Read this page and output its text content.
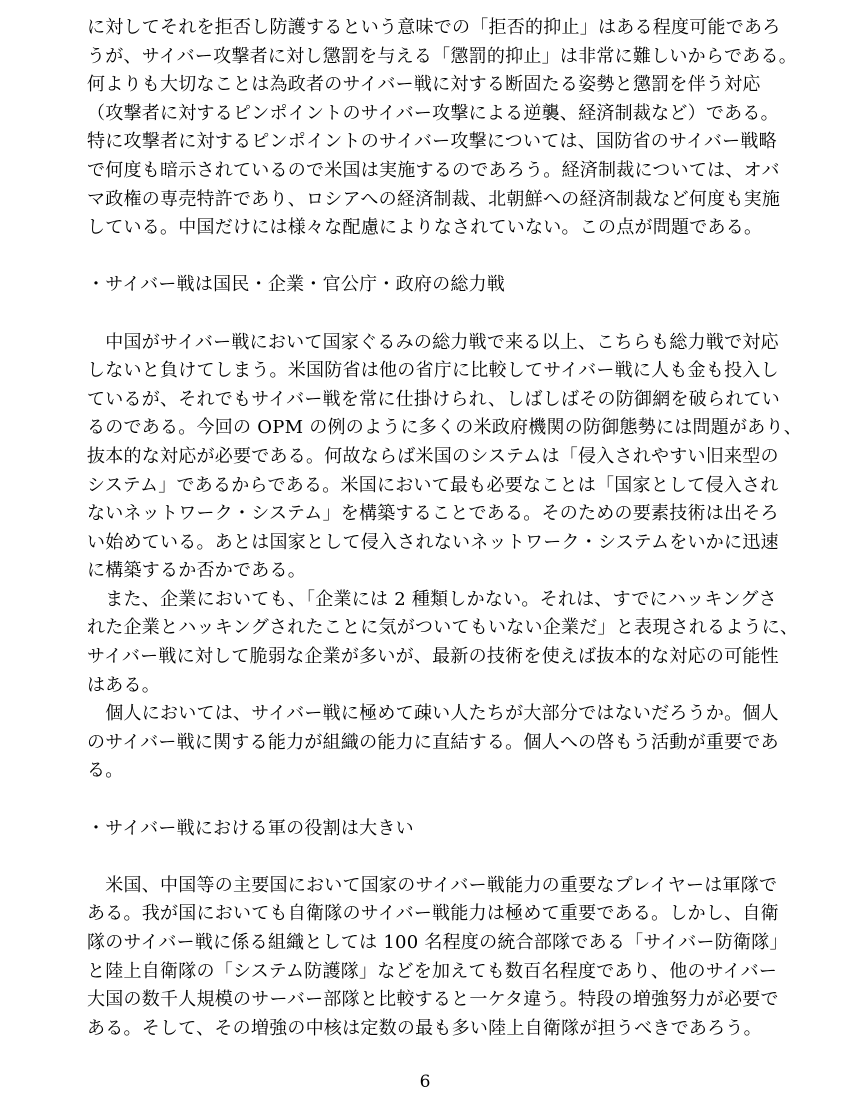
に対してそれを拒否し防護するという意味での「拒否的抑止」はある程度可能であろ
うが、サイバー攻撃者に対し懲罰を与える「懲罰的抑止」は非常に難しいからである。
何よりも大切なことは為政者のサイバー戦に対する断固たる姿勢と懲罰を伴う対応
（攻撃者に対するピンポイントのサイバー攻撃による逆襲、経済制裁など）である。
特に攻撃者に対するピンポイントのサイバー攻撃については、国防省のサイバー戦略
で何度も暗示されているので米国は実施するのであろう。経済制裁については、オバ
マ政権の専売特許であり、ロシアへの経済制裁、北朝鮮への経済制裁など何度も実施
している。中国だけには様々な配慮によりなされていない。この点が問題である。
・サイバー戦は国民・企業・官公庁・政府の総力戦
　中国がサイバー戦において国家ぐるみの総力戦で来る以上、こちらも総力戦で対応
しないと負けてしまう。米国防省は他の省庁に比較してサイバー戦に人も金も投入し
ているが、それでもサイバー戦を常に仕掛けられ、しばしばその防御網を破られてい
るのである。今回の OPM の例のように多くの米政府機関の防御態勢には問題があり、
抜本的な対応が必要である。何故ならば米国のシステムは「侵入されやすい旧来型の
システム」であるからである。米国において最も必要なことは「国家として侵入され
ないネットワーク・システム」を構築することである。そのための要素技術は出そろ
い始めている。あとは国家として侵入されないネットワーク・システムをいかに迅速
に構築するか否かである。
　また、企業においても、「企業には 2 種類しかない。それは、すでにハッキングさ
れた企業とハッキングされたことに気がついてもいない企業だ」と表現されるように、
サイバー戦に対して脆弱な企業が多いが、最新の技術を使えば抜本的な対応の可能性
はある。
　個人においては、サイバー戦に極めて疎い人たちが大部分ではないだろうか。個人
のサイバー戦に関する能力が組織の能力に直結する。個人への啓もう活動が重要であ
る。
・サイバー戦における軍の役割は大きい
　米国、中国等の主要国において国家のサイバー戦能力の重要なプレイヤーは軍隊で
ある。我が国においても自衛隊のサイバー戦能力は極めて重要である。しかし、自衛
隊のサイバー戦に係る組織としては 100 名程度の統合部隊である「サイバー防衛隊」
と陸上自衛隊の「システム防護隊」などを加えても数百名程度であり、他のサイバー
大国の数千人規模のサーバー部隊と比較すると一ケタ違う。特段の増強努力が必要で
ある。そして、その増強の中核は定数の最も多い陸上自衛隊が担うべきであろう。
6
